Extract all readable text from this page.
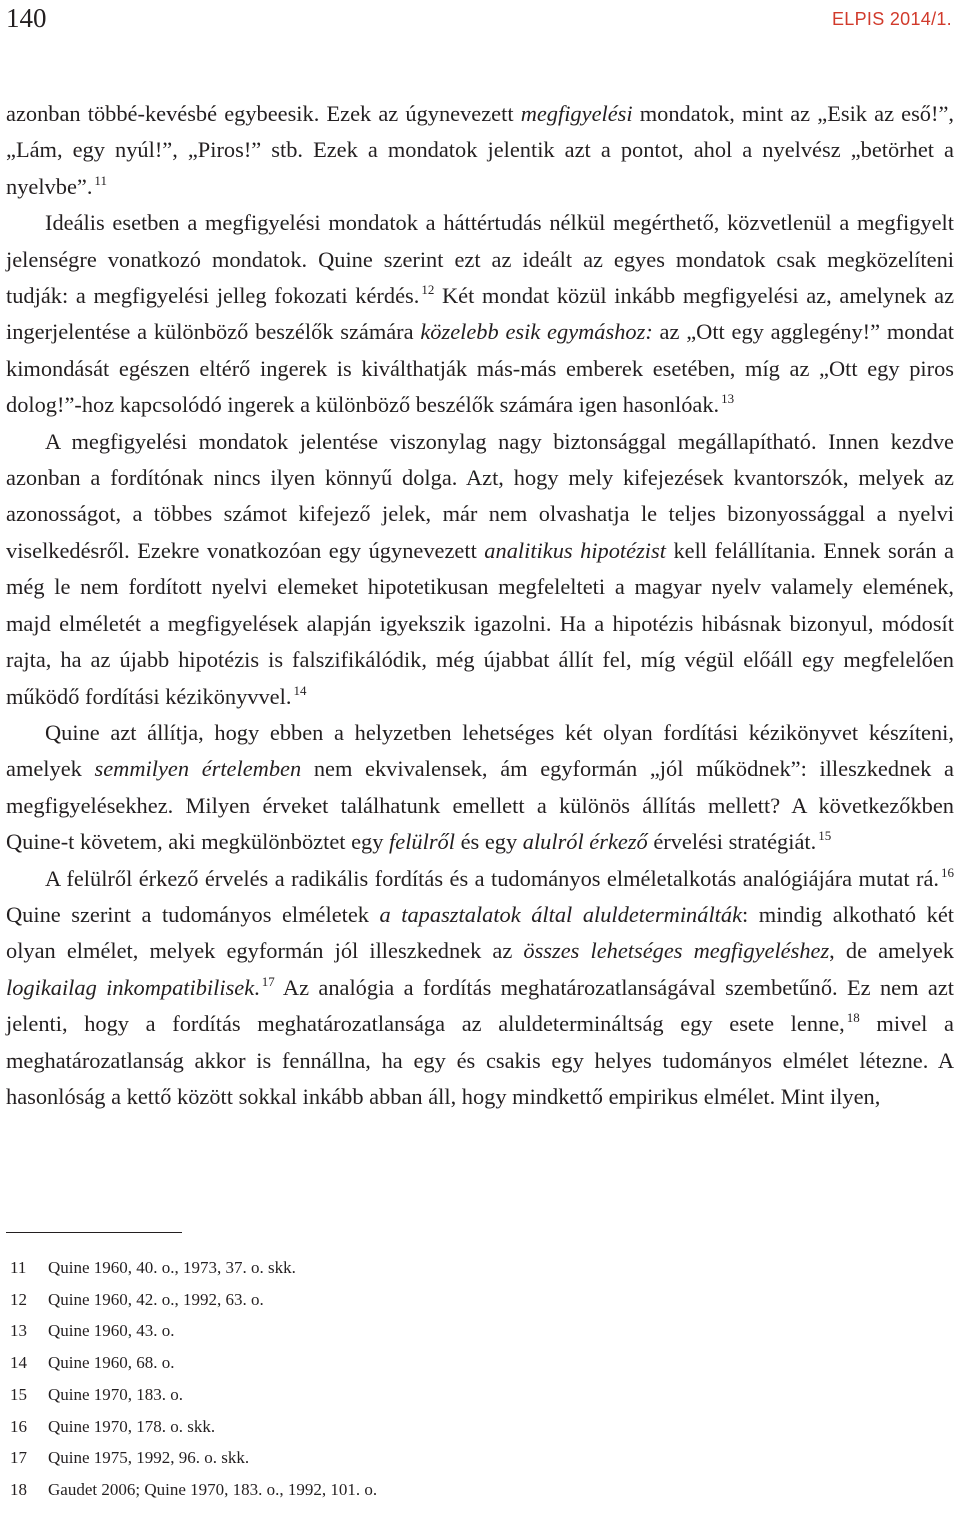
140	ELPIS 2014/1.

azonban többé-kevésbé egybeesik. Ezek az úgynevezett megfigyelési mondatok, mint az „Esik az eső!”, „Lám, egy nyúl!”, „Piros!” stb. Ezek a mondatok jelentik azt a pontot, ahol a nyelvész „betörhet a nyelvbe”. $^{11}$

Ideális esetben a megfigyelési mondatok a háttértudás nélkül megérthető, közvetlenül a megfigyelt jelenségre vonatkozó mondatok. Quine szerint ezt az ideált az egyes mondatok csak megközelíteni tudják: a megfigyelési jelleg fokozati kérdés. $^{12}$ Két mondat közül inkább megfigyelési az, amelynek az ingerjelentése a különböző beszélők számára közelebb esik egymáshoz: az „Ott egy agglegény!” mondat kimondását egészen eltérő ingerek is kiválthatják más-más emberek esetében, míg az „Ott egy piros dolog!”-hoz kapcsolódó ingerek a különböző beszélők számára igen hasonlóak. $^{13}$

A megfigyelési mondatok jelentése viszonylag nagy biztonsággal megállapítható. Innen kezdve azonban a fordítónak nincs ilyen könnyű dolga. Azt, hogy mely kifejezések kvantorszók, melyek az azonosságot, a többes számot kifejező jelek, már nem olvashatja le teljes bizonyossággal a nyelvi viselkedésről. Ezekre vonatkozóan egy úgynevezett analitikus hipotézist kell felállítania. Ennek során a még le nem fordított nyelvi elemeket hipotetikusan megfelelteti a magyar nyelv valamely elemének, majd elméletét a megfigyelések alapján igyekszik igazolni. Ha a hipotézis hibásnak bizonyul, módosít rajta, ha az újabb hipotézis is falszifikálódik, még újabbat állít fel, míg végül előáll egy megfelelően működő fordítási kézikönyvvel. $^{14}$

Quine azt állítja, hogy ebben a helyzetben lehetséges két olyan fordítási kézikönyvet készíteni, amelyek semmilyen értelemben nem ekvivalensek, ám egyformán „jól működnek”: illeszkednek a megfigyelésekhez. Milyen érveket találhatunk emellett a különös állítás mellett? A következőkben Quine-t követem, aki megkülönböztet egy felülről és egy alulról érkező érvelési stratégiát. $^{15}$

A felülről érkező érvelés a radikális fordítás és a tudományos elméletalkotás analógiájára mutat rá. $^{16}$ Quine szerint a tudományos elméletek a tapasztalatok által aluldeterminálták: mindig alkotható két olyan elmélet, melyek egyformán jól illeszkednek az összes lehetséges megfigyeléshez, de amelyek logikailag inkompatibilisek. $^{17}$ Az analógia a fordítás meghatározatlanságával szembetűnő. Ez nem azt jelenti, hogy a fordítás meghatározatlansága az aluldetermináltság egy esete lenne, $^{18}$ mivel a meghatározatlanság akkor is fennállna, ha egy és csakis egy helyes tudományos elmélet létezne. A hasonlóság a kettő között sokkal inkább abban áll, hogy mindkettő empirikus elmélet. Mint ilyen,

11 Quine 1960, 40. o., 1973, 37. o. skk.
12 Quine 1960, 42. o., 1992, 63. o.
13 Quine 1960, 43. o.
14 Quine 1960, 68. o.
15 Quine 1970, 183. o.
16 Quine 1970, 178. o. skk.
17 Quine 1975, 1992, 96. o. skk.
18 Gaudet 2006; Quine 1970, 183. o., 1992, 101. o.
